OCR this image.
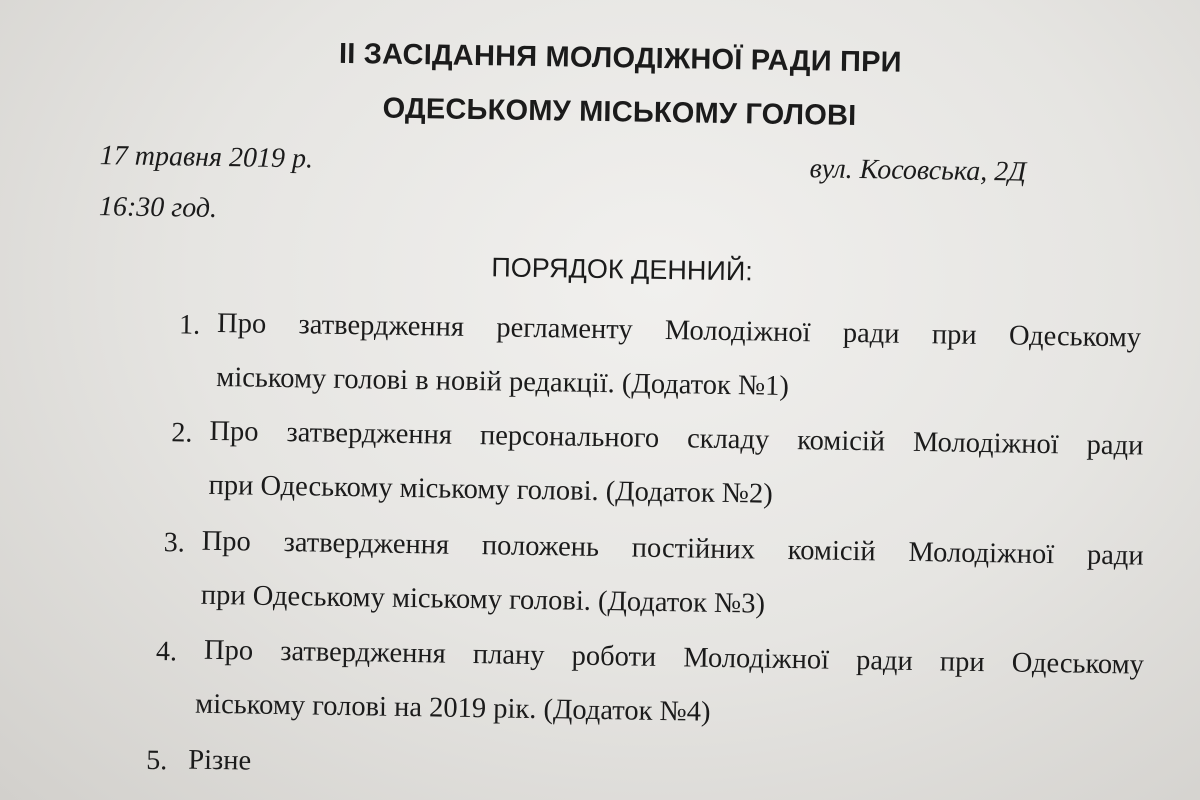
ІІ ЗАСІДАННЯ МОЛОДІЖНОЇ РАДИ ПРИ
ОДЕСЬКОМУ МІСЬКОМУ ГОЛОВІ
17 травня 2019 р.	вул. Косовська, 2Д
16:30 год.
ПОРЯДОК ДЕННИЙ:
1. Про затвердження регламенту Молодіжної ради при Одеському
міському голові в новій редакції. (Додаток №1)
2. Про затвердження персонального складу комісій Молодіжної ради
при Одеському міському голові. (Додаток №2)
3. Про затвердження положень постійних комісій Молодіжної ради
при Одеському міському голові. (Додаток №3)
4. Про затвердження плану роботи Молодіжної ради при Одеському
міському голові на 2019 рік. (Додаток №4)
5. Різне
